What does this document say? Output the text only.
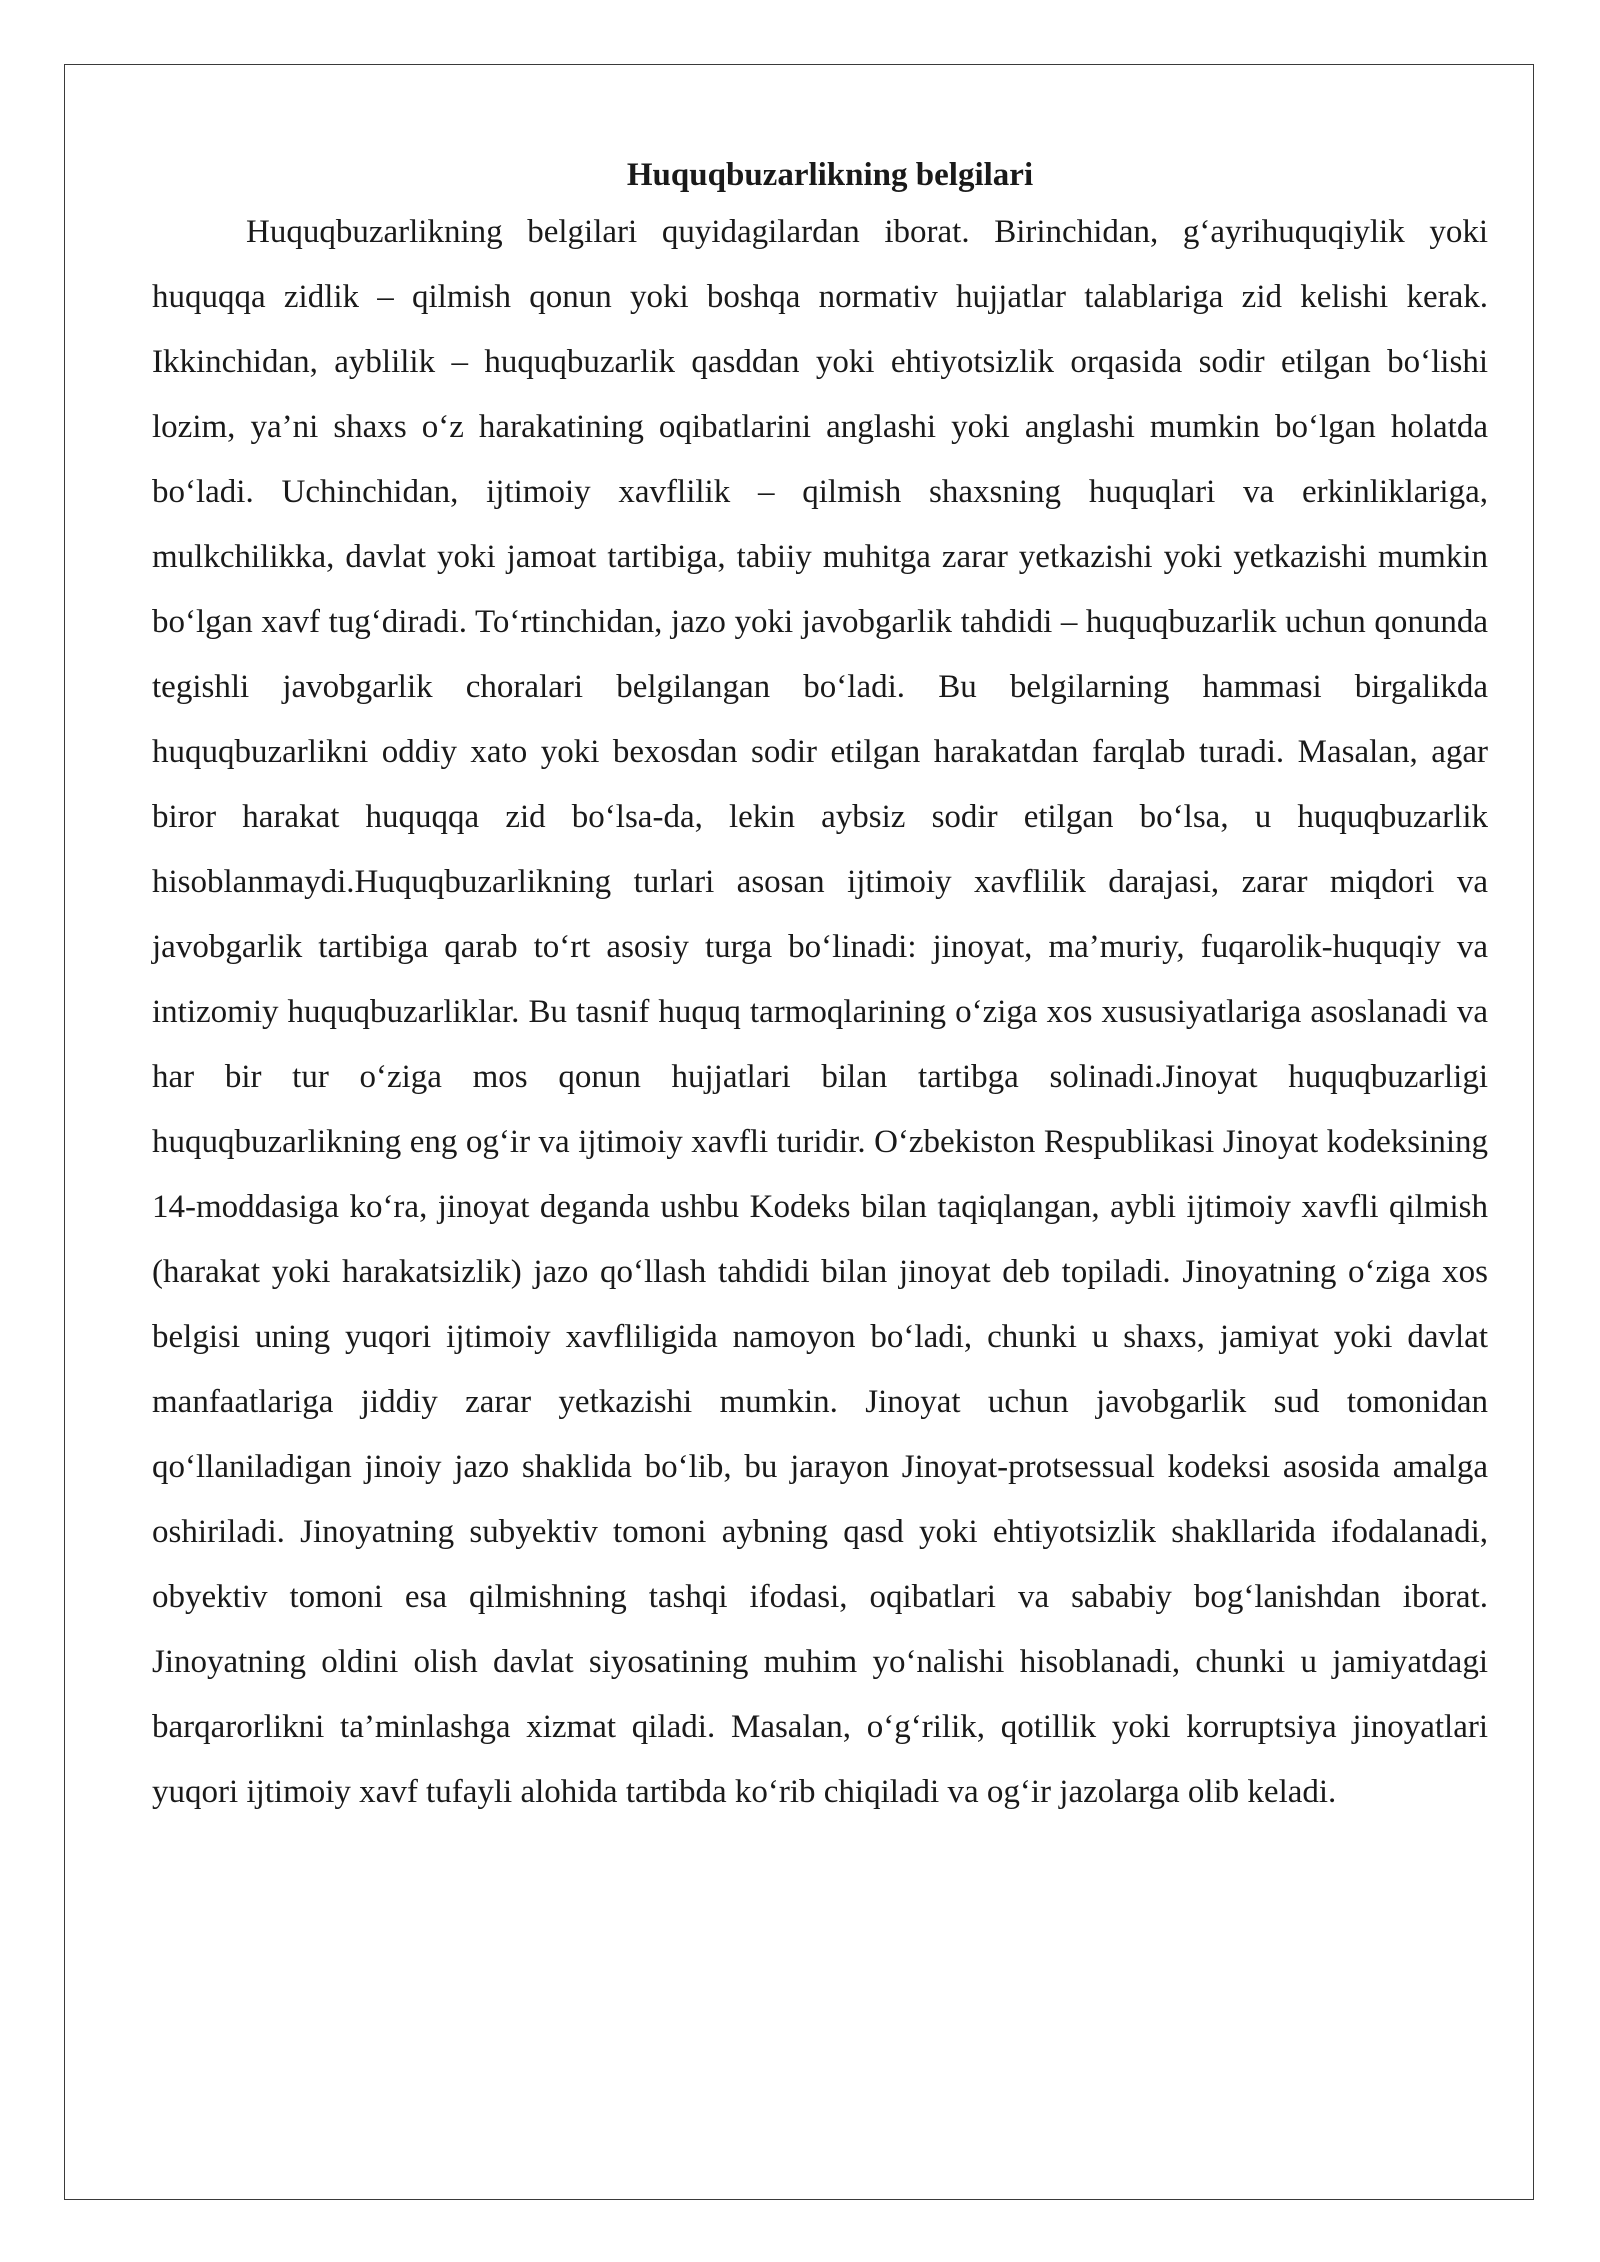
Huquqbuzarlikning belgilari

Huquqbuzarlikning belgilari quyidagilardan iborat. Birinchidan, g‘ayrihuquqiylik yoki huquqqa zidlik – qilmish qonun yoki boshqa normativ hujjatlar talablariga zid kelishi kerak. Ikkinchidan, ayblilik – huquqbuzarlik qasddan yoki ehtiyotsizlik orqasida sodir etilgan bo‘lishi lozim, ya’ni shaxs o‘z harakatining oqibatlarini anglashi yoki anglashi mumkin bo‘lgan holatda bo‘ladi. Uchinchidan, ijtimoiy xavflilik – qilmish shaxsning huquqlari va erkinliklariga, mulkchilikka, davlat yoki jamoat tartibiga, tabiiy muhitga zarar yetkazishi yoki yetkazishi mumkin bo‘lgan xavf tug‘diradi. To‘rtinchidan, jazo yoki javobgarlik tahdidi – huquqbuzarlik uchun qonunda tegishli javobgarlik choralari belgilangan bo‘ladi. Bu belgilarning hammasi birgalikda huquqbuzarlikni oddiy xato yoki bexosdan sodir etilgan harakatdan farqlab turadi. Masalan, agar biror harakat huquqqa zid bo‘lsa-da, lekin aybsiz sodir etilgan bo‘lsa, u huquqbuzarlik hisoblanmaydi.Huquqbuzarlikning turlari asosan ijtimoiy xavflilik darajasi, zarar miqdori va javobgarlik tartibiga qarab to‘rt asosiy turga bo‘linadi: jinoyat, ma’muriy, fuqarolik-huquqiy va intizomiy huquqbuzarliklar. Bu tasnif huquq tarmoqlarining o‘ziga xos xususiyatlariga asoslanadi va har bir tur o‘ziga mos qonun hujjatlari bilan tartibga solinadi.Jinoyat huquqbuzarligi huquqbuzarlikning eng og‘ir va ijtimoiy xavfli turidir. O‘zbekiston Respublikasi Jinoyat kodeksining 14-moddasiga ko‘ra, jinoyat deganda ushbu Kodeks bilan taqiqlangan, aybli ijtimoiy xavfli qilmish (harakat yoki harakatsizlik) jazo qo‘llash tahdidi bilan jinoyat deb topiladi. Jinoyatning o‘ziga xos belgisi uning yuqori ijtimoiy xavfliligida namoyon bo‘ladi, chunki u shaxs, jamiyat yoki davlat manfaatlariga jiddiy zarar yetkazishi mumkin. Jinoyat uchun javobgarlik sud tomonidan qo‘llaniladigan jinoiy jazo shaklida bo‘lib, bu jarayon Jinoyat-protsessual kodeksi asosida amalga oshiriladi. Jinoyatning subyektiv tomoni aybning qasd yoki ehtiyotsizlik shakllarida ifodalanadi, obyektiv tomoni esa qilmishning tashqi ifodasi, oqibatlari va sababiy bog‘lanishdan iborat. Jinoyatning oldini olish davlat siyosatining muhim yo‘nalishi hisoblanadi, chunki u jamiyatdagi barqarorlikni ta’minlashga xizmat qiladi. Masalan, o‘g‘rilik, qotillik yoki korruptsiya jinoyatlari yuqori ijtimoiy xavf tufayli alohida tartibda ko‘rib chiqiladi va og‘ir jazolarga olib keladi.
